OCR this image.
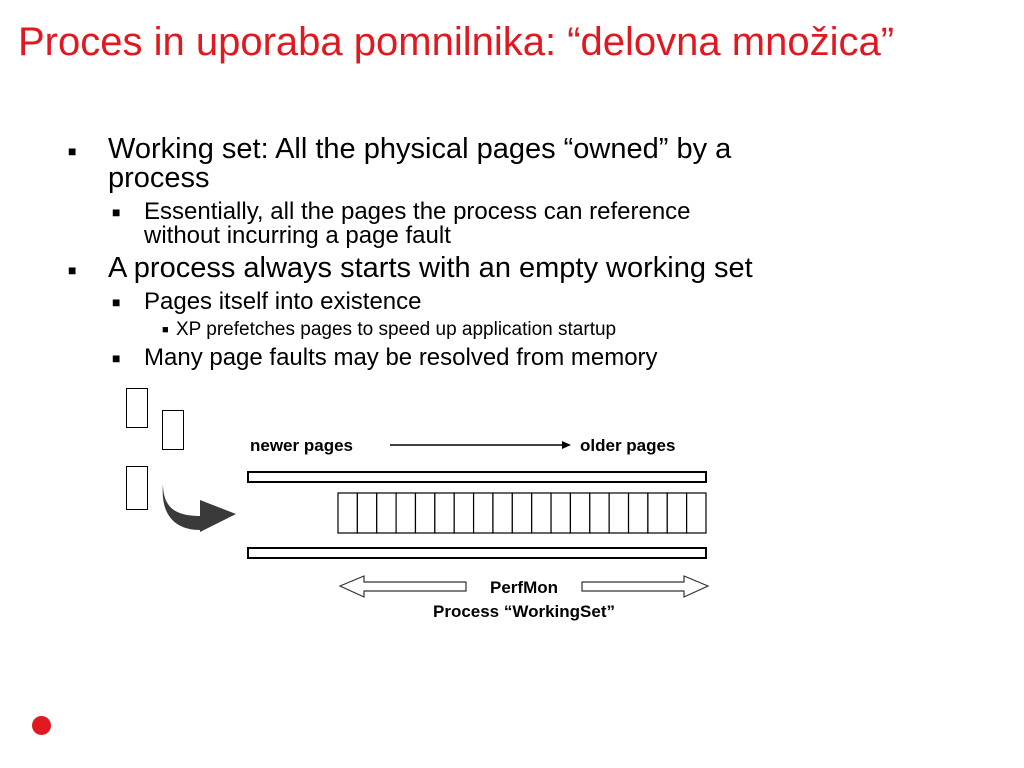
Proces in uporaba pomnilnika: “delovna množica”
■ Working set: All the physical pages “owned” by a
process
■ Essentially, all the pages the process can reference
without incurring a page fault
■ A process always starts with an empty working set
■ Pages itself into existence
■ XP prefetches pages to speed up application startup
■ Many page faults may be resolved from memory
newer pages	older pages
PerfMon
Process “WorkingSet”
